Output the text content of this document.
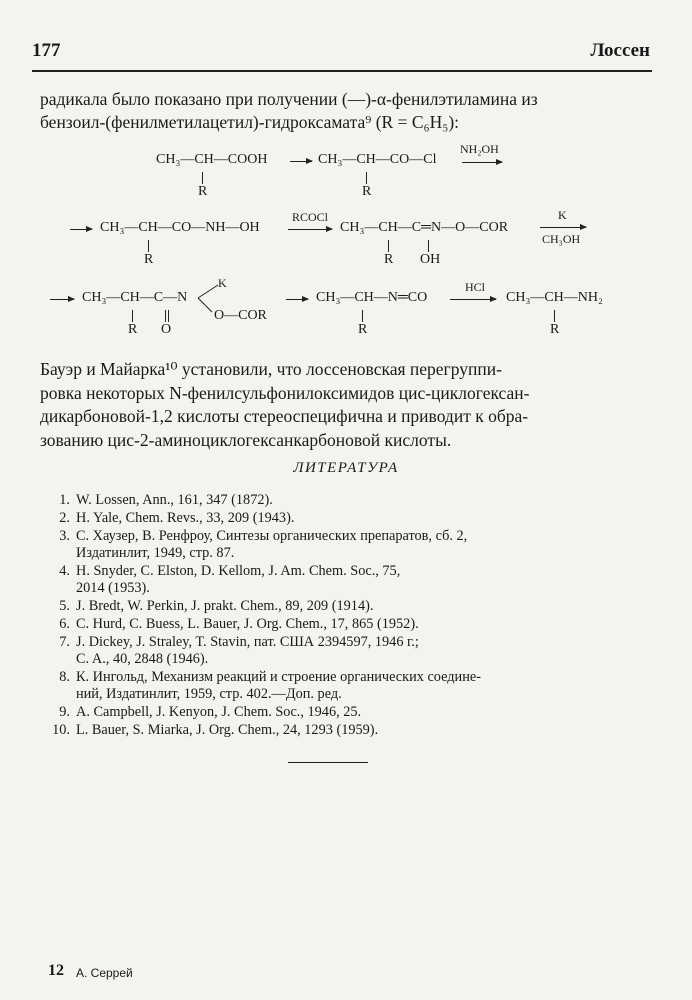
177	Лоссен
радикала было показано при получении (—)-α-фенилэтиламина из
бензоил-(фенилметилацетил)-гидроксамата⁹ (R = C₆H₅):
CH₃—CH—COOH
R
→ CH₃—CH—CO—Cl
R
NH₂OH
→ CH₃—CH—CO—NH—OH
R
RCOCl
→ CH₃—CH—C═N—O—COR
R OH
K
CH₃OH
→ CH₃—CH—C—N
K
O—COR
R O
→ CH₃—CH—N═CO
R
HCl
→ CH₃—CH—NH₂
R
Бауэр и Майарка¹⁰ установили, что лоссеновская перегруппи-
ровка некоторых N-фенилсульфонилоксимидов цис-циклогексан-
дикарбоновой-1,2 кислоты стереоспецифична и приводит к обра-
зованию цис-2-аминоциклогексанкарбоновой кислоты.
ЛИТЕРАТУРА
1. W. Lossen, Ann., 161, 347 (1872).
2. H. Yale, Chem. Revs., 33, 209 (1943).
3. С. Хаузер, В. Ренфроу, Синтезы органических препаратов, сб. 2,
Издатинлит, 1949, стр. 87.
4. H. Snyder, C. Elston, D. Kellom, J. Am. Chem. Soc., 75,
2014 (1953).
5. J. Bredt, W. Perkin, J. prakt. Chem., 89, 209 (1914).
6. C. Hurd, C. Buess, L. Bauer, J. Org. Chem., 17, 865 (1952).
7. J. Dickey, J. Straley, T. Stavin, пат. США 2394597, 1946 г.;
C. A., 40, 2848 (1946).
8. К. Ингольд, Механизм реакций и строение органических соедине-
ний, Издатинлит, 1959, стр. 402.—Доп. ред.
9. A. Campbell, J. Kenyon, J. Chem. Soc., 1946, 25.
10. L. Bauer, S. Miarka, J. Org. Chem., 24, 1293 (1959).
12 А. Серрей
